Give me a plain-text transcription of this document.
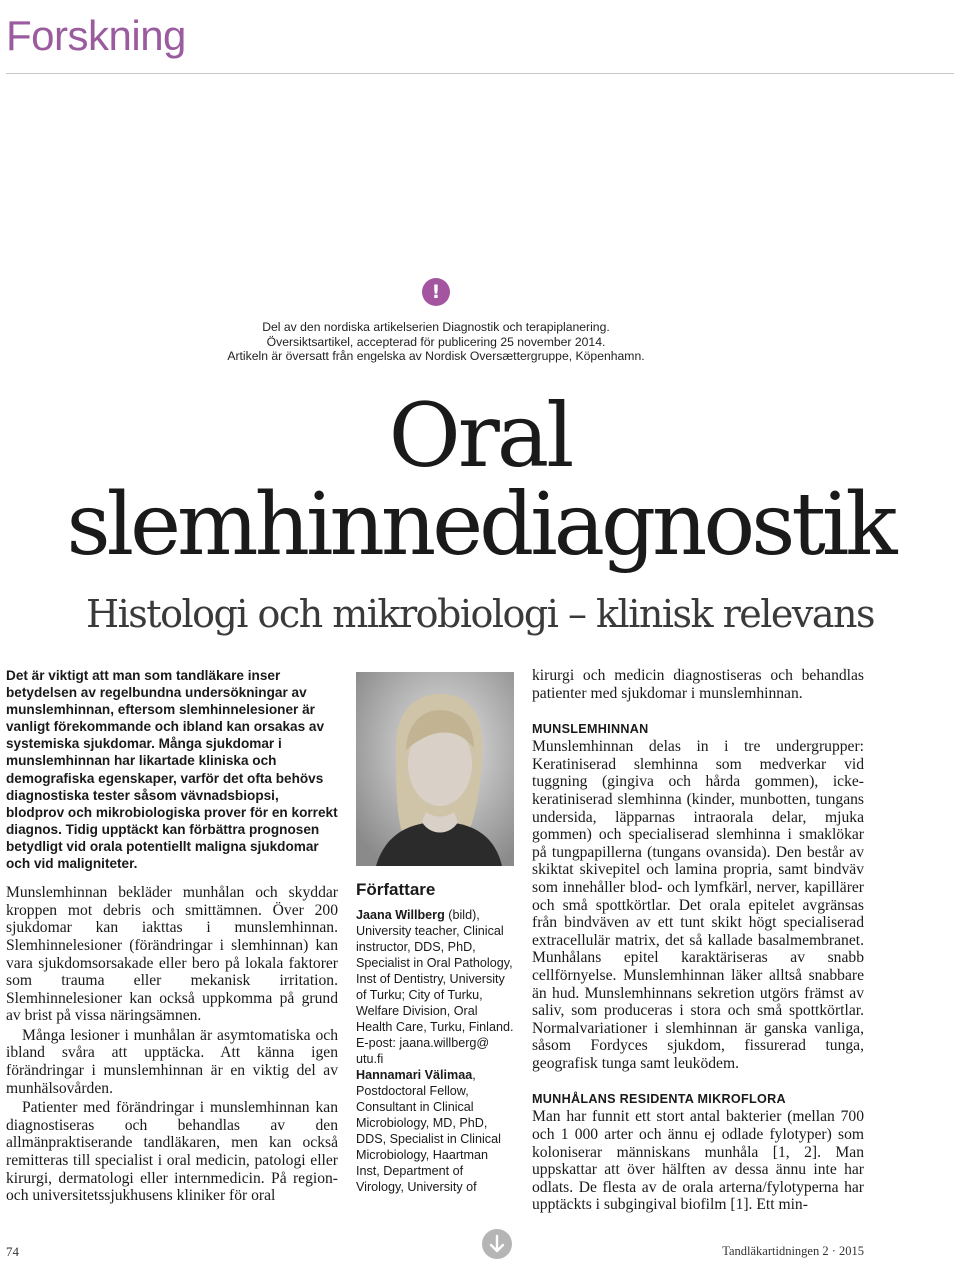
Forskning
!
Del av den nordiska artikelserien Diagnostik och terapiplanering.
Översiktsartikel, accepterad för publicering 25 november 2014.
Artikeln är översatt från engelska av Nordisk Oversættergruppe, Köpenhamn.
Oral
slemhinnediagnostik
Histologi och mikrobiologi – klinisk relevans

Det är viktigt att man som tandläkare inser betydelsen av regelbundna undersökningar av munslemhinnan, eftersom slemhinnelesioner är vanligt förekommande och ibland kan orsakas av systemiska sjukdomar. Många sjukdomar i munslemhinnan har likartade kliniska och demografiska egenskaper, varför det ofta behövs diagnostiska tester såsom vävnadsbiopsi, blodprov och mikrobiologiska prover för en korrekt diagnos. Tidig upptäckt kan förbättra prognosen betydligt vid orala potentiellt maligna sjukdomar och vid maligniteter.

Munslemhinnan bekläder munhålan och skyddar kroppen mot debris och smittämnen. Över 200 sjukdomar kan iakttas i munslemhinnan. Slemhinnelesioner (förändringar i slemhinnan) kan vara sjukdomsorsakade eller bero på lokala faktorer som trauma eller mekanisk irritation. Slemhinnelesioner kan också uppkomma på grund av brist på vissa näringsämnen.

Många lesioner i munhålan är asymtomatiska och ibland svåra att upptäcka. Att känna igen förändringar i munslemhinnan är en viktig del av munhälsovården.

Patienter med förändringar i munslemhinnan kan diagnostiseras och behandlas av den allmänpraktiserande tandläkaren, men kan också remitteras till specialist i oral medicin, patologi eller kirurgi, dermatologi eller internmedicin. På region- och universitetssjukhusens kliniker för oral

Författare
Jaana Willberg (bild), University teacher, Clinical instructor, DDS, PhD, Specialist in Oral Pathology, Inst of Dentistry, University of Turku; City of Turku, Welfare Division, Oral Health Care, Turku, Finland. E-post: jaana.willberg@ utu.fi
Hannamari Välimaa, Postdoctoral Fellow, Consultant in Clinical Microbiology, MD, PhD, DDS, Specialist in Clinical Microbiology, Haartman Inst, Department of Virology, University of

kirurgi och medicin diagnostiseras och behandlas patienter med sjukdomar i munslemhinnan.

MUNSLEMHINNAN

Munslemhinnan delas in i tre undergrupper: Keratiniserad slemhinna som medverkar vid tuggning (gingiva och hårda gommen), icke-keratiniserad slemhinna (kinder, munbotten, tungans undersida, läpparnas intraorala delar, mjuka gommen) och specialiserad slemhinna i smaklökar på tungpapillerna (tungans ovansida). Den består av skiktat skivepitel och lamina propria, samt bindväv som innehåller blod- och lymfkärl, nerver, kapillärer och små spottkörtlar. Det orala epitelet avgränsas från bindväven av ett tunt skikt högt specialiserad extracellulär matrix, det så kallade basalmembranet. Munhålans epitel karaktäriseras av snabb cellförnyelse. Munslemhinnan läker alltså snabbare än hud. Munslemhinnans sekretion utgörs främst av saliv, som produceras i stora och små spottkörtlar. Normalvariationer i slemhinnan är ganska vanliga, såsom Fordyces sjukdom, fissurerad tunga, geografisk tunga samt leuködem.

MUNHÅLANS RESIDENTA MIKROFLORA

Man har funnit ett stort antal bakterier (mellan 700 och 1 000 arter och ännu ej odlade fylotyper) som koloniserar människans munhåla [1, 2]. Man uppskattar att över hälften av dessa ännu inte har odlats. De flesta av de orala arterna/fylotyperna har upptäckts i subgingival biofilm [1]. Ett min-

74	Tandläkartidningen 2 · 2015
